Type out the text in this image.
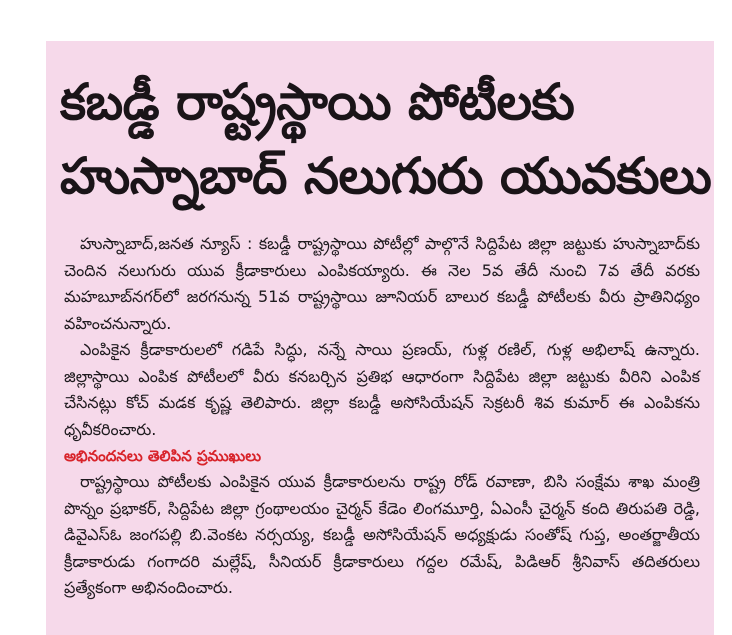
కబడ్డీ రాష్ట్రస్థాయి పోటీలకు
హుస్నాబాద్ నలుగురు యువకులు

హుస్నాబాద్,జనత న్యూస్ : కబడ్డీ రాష్ట్రస్థాయి పోటీల్లో పాల్గొనే సిద్దిపేట జిల్లా జట్టుకు హుస్నాబాద్‌కు చెందిన నలుగురు యువ క్రీడాకారులు ఎంపికయ్యారు. ఈ నెల 5వ తేదీ నుంచి 7వ తేదీ వరకు మహబూబ్‌నగర్‌లో జరగనున్న 51వ రాష్ట్రస్థాయి జూనియర్ బాలుర కబడ్డీ పోటీలకు వీరు ప్రాతినిధ్యం వహించనున్నారు.

ఎంపికైన క్రీడాకారులలో గడిపే సిద్ధు, నన్నే సాయి ప్రణయ్, గుళ్ల రణిల్, గుళ్ల అభిలాష్ ఉన్నారు. జిల్లాస్థాయి ఎంపిక పోటీలలో వీరు కనబర్చిన ప్రతిభ ఆధారంగా సిద్దిపేట జిల్లా జట్టుకు వీరిని ఎంపిక చేసినట్లు కోచ్ మడక కృష్ణ తెలిపారు. జిల్లా కబడ్డీ అసోసియేషన్ సెక్రటరీ శివ కుమార్ ఈ ఎంపికను ధృవీకరించారు.

అభినందనలు తెలిపిన ప్రముఖులు

రాష్ట్రస్థాయి పోటీలకు ఎంపికైన యువ క్రీడాకారులను రాష్ట్ర రోడ్ రవాణా, బిసి సంక్షేమ శాఖ మంత్రి పొన్నం ప్రభాకర్, సిద్దిపేట జిల్లా గ్రంథాలయం చైర్మన్ కేడెం లింగమూర్తి, ఏఎంసీ చైర్మన్ కంది తిరుపతి రెడ్డి, డివైఎస్ఓ జంగపల్లి బి.వెంకట నర్సయ్య, కబడ్డీ అసోసియేషన్ అధ్యక్షుడు సంతోష్ గుప్త, అంతర్జాతీయ క్రీడాకారుడు గంగాదరి మల్లేష్, సీనియర్ క్రీడాకారులు గద్దల రమేష్, పిడిఆర్ శ్రీనివాస్ తదితరులు ప్రత్యేకంగా అభినందించారు.
